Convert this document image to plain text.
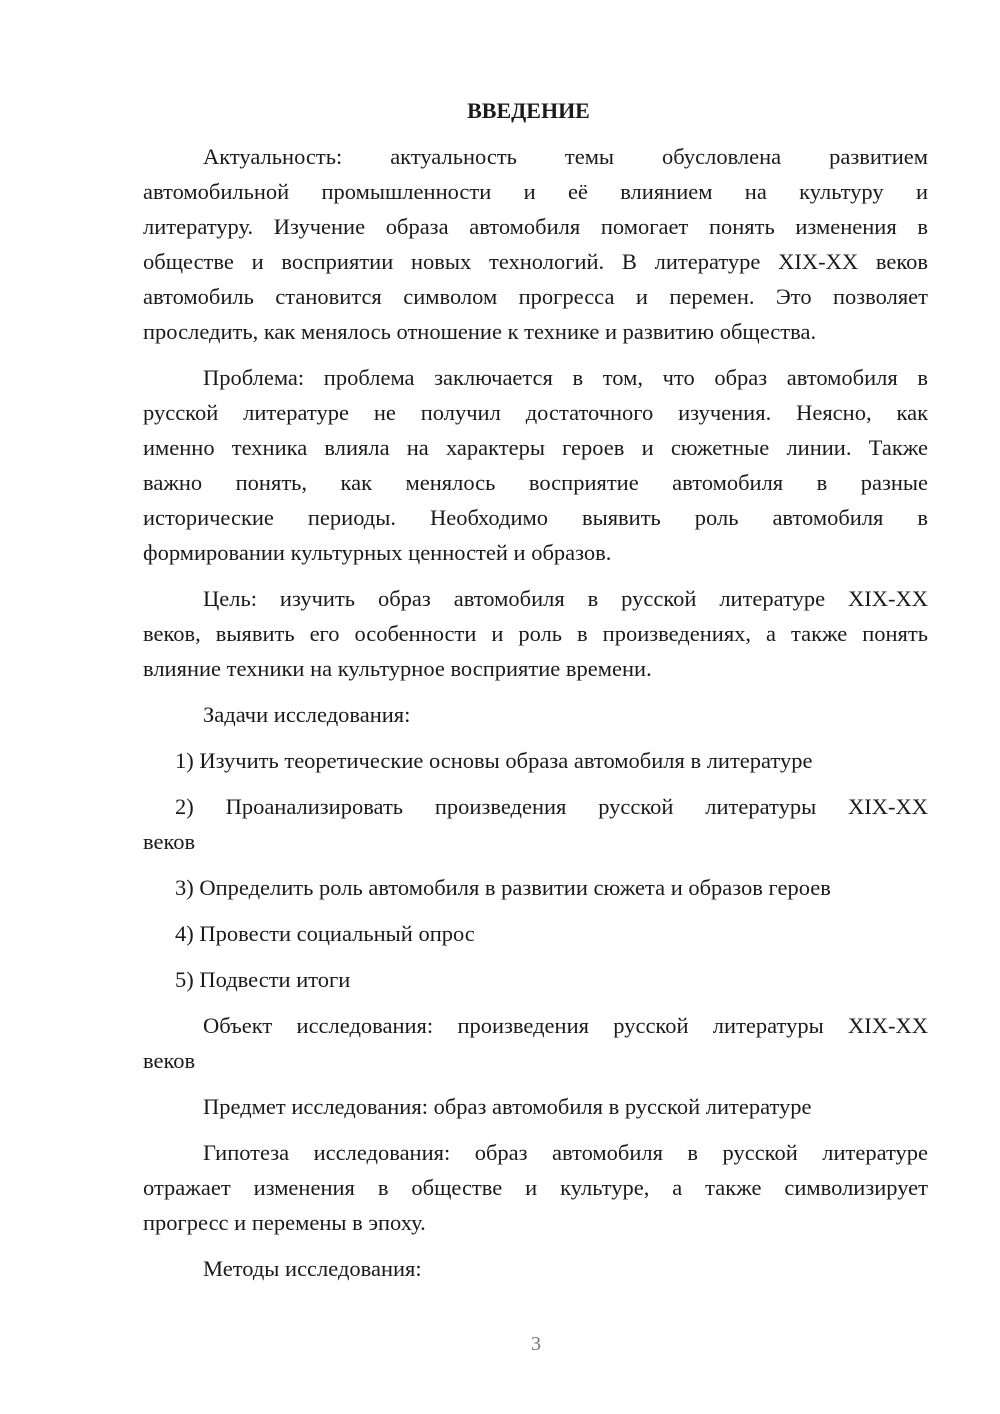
ВВЕДЕНИЕ
Актуальность: актуальность темы обусловлена развитием
автомобильной промышленности и её влиянием на культуру и
литературу. Изучение образа автомобиля помогает понять изменения в
обществе и восприятии новых технологий. В литературе XIX-XX веков
автомобиль становится символом прогресса и перемен. Это позволяет
проследить, как менялось отношение к технике и развитию общества.
Проблема: проблема заключается в том, что образ автомобиля в
русской литературе не получил достаточного изучения. Неясно, как
именно техника влияла на характеры героев и сюжетные линии. Также
важно понять, как менялось восприятие автомобиля в разные
исторические периоды. Необходимо выявить роль автомобиля в
формировании культурных ценностей и образов.
Цель: изучить образ автомобиля в русской литературе XIX-XX
веков, выявить его особенности и роль в произведениях, а также понять
влияние техники на культурное восприятие времени.
Задачи исследования:
1) Изучить теоретические основы образа автомобиля в литературе
2) Проанализировать произведения русской литературы XIX-XX
веков
3) Определить роль автомобиля в развитии сюжета и образов героев
4) Провести социальный опрос
5) Подвести итоги
Объект исследования: произведения русской литературы XIX-XX
веков
Предмет исследования: образ автомобиля в русской литературе
Гипотеза исследования: образ автомобиля в русской литературе
отражает изменения в обществе и культуре, а также символизирует
прогресс и перемены в эпоху.
Методы исследования:
3
